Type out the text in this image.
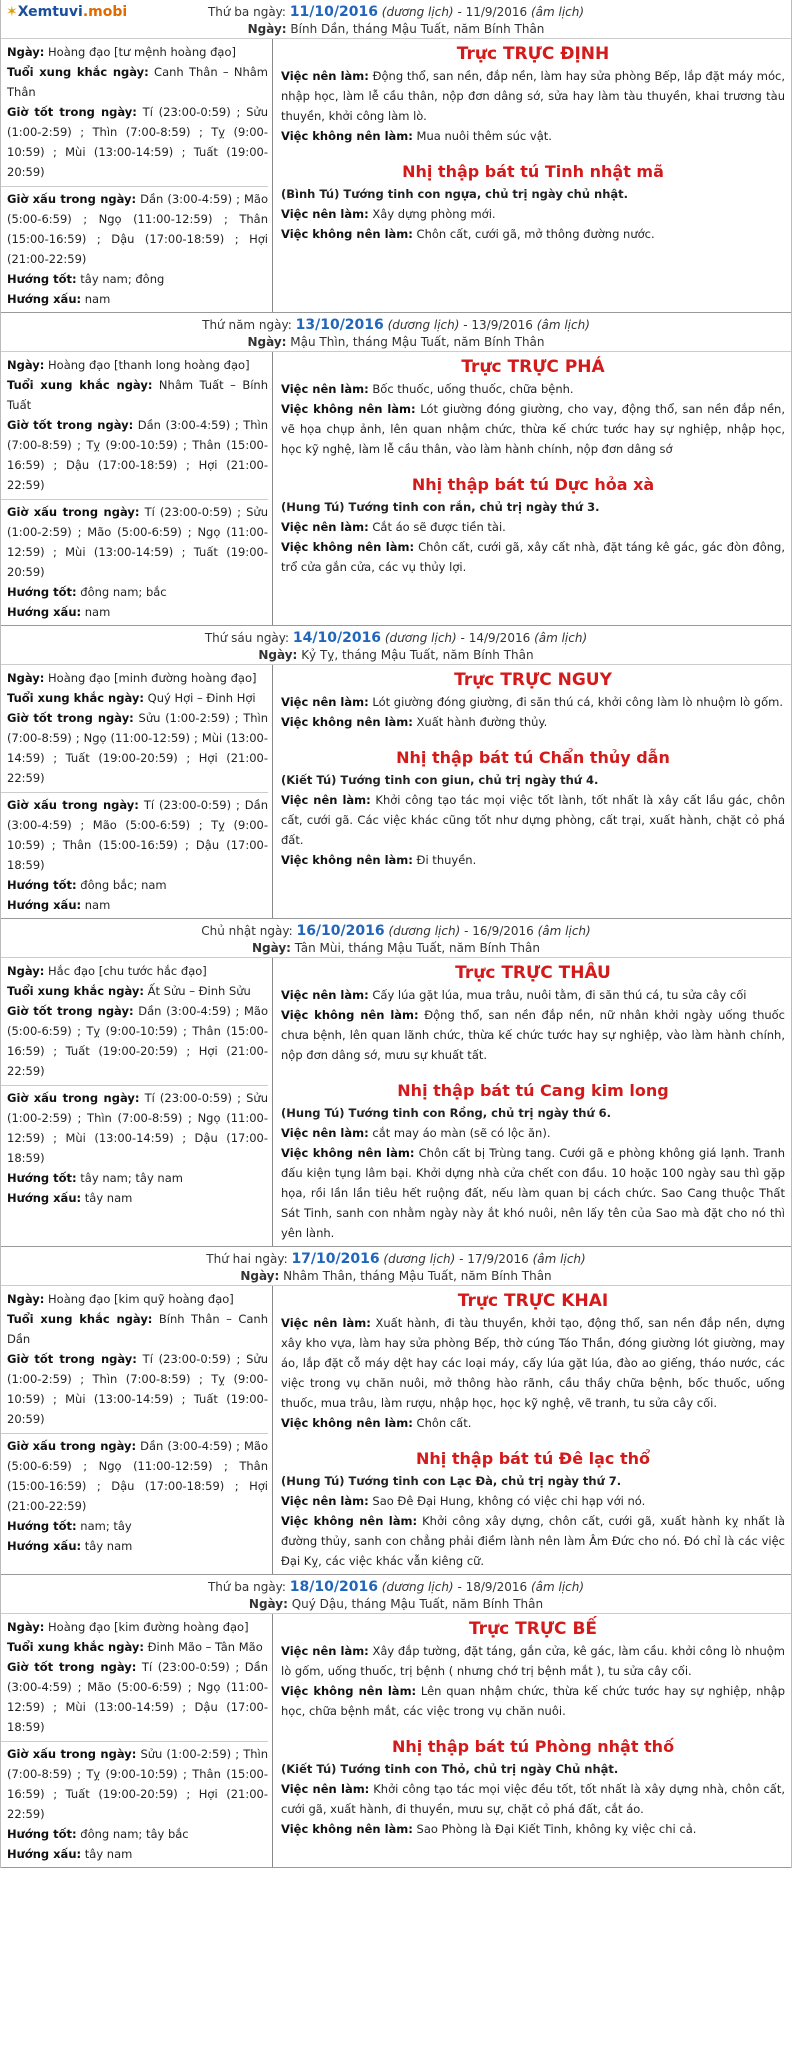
✶Xemtuvi.mobi	Thứ ba ngày: 11/10/2016 (dương lịch) - 11/9/2016 (âm lịch)
Ngày: Bính Dần, tháng Mậu Tuất, năm Bính Thân
Ngày: Hoàng đạo [tư mệnh hoàng đạo]
Tuổi xung khắc ngày: Canh Thân – Nhâm Thân
Giờ tốt trong ngày: Tí (23:00-0:59) ; Sửu (1:00-2:59) ; Thìn (7:00-8:59) ; Tỵ (9:00-10:59) ; Mùi (13:00-14:59) ; Tuất (19:00-20:59)
Giờ xấu trong ngày: Dần (3:00-4:59) ; Mão (5:00-6:59) ; Ngọ (11:00-12:59) ; Thân (15:00-16:59) ; Dậu (17:00-18:59) ; Hợi (21:00-22:59)
Hướng tốt: tây nam; đông
Hướng xấu: nam
Trực TRỰC ĐỊNH
Việc nên làm: Động thổ, san nền, đắp nền, làm hay sửa phòng Bếp, lắp đặt máy móc, nhập học, làm lễ cầu thân, nộp đơn dâng sớ, sửa hay làm tàu thuyền, khai trương tàu thuyền, khởi công làm lò.
Việc không nên làm: Mua nuôi thêm súc vật.
Nhị thập bát tú Tinh nhật mã
(Bình Tú) Tướng tinh con ngựa, chủ trị ngày chủ nhật.
Việc nên làm: Xây dựng phòng mới.
Việc không nên làm: Chôn cất, cưới gã, mở thông đường nước.
Thứ năm ngày: 13/10/2016 (dương lịch) - 13/9/2016 (âm lịch)
Ngày: Mậu Thìn, tháng Mậu Tuất, năm Bính Thân
Ngày: Hoàng đạo [thanh long hoàng đạo]
Tuổi xung khắc ngày: Nhâm Tuất – Bính Tuất
Giờ tốt trong ngày: Dần (3:00-4:59) ; Thìn (7:00-8:59) ; Tỵ (9:00-10:59) ; Thân (15:00-16:59) ; Dậu (17:00-18:59) ; Hợi (21:00-22:59)
Giờ xấu trong ngày: Tí (23:00-0:59) ; Sửu (1:00-2:59) ; Mão (5:00-6:59) ; Ngọ (11:00-12:59) ; Mùi (13:00-14:59) ; Tuất (19:00-20:59)
Hướng tốt: đông nam; bắc
Hướng xấu: nam
Trực TRỰC PHÁ
Việc nên làm: Bốc thuốc, uống thuốc, chữa bệnh.
Việc không nên làm: Lót giường đóng giường, cho vay, động thổ, san nền đắp nền, vẽ họa chụp ảnh, lên quan nhậm chức, thừa kế chức tước hay sự nghiệp, nhập học, học kỹ nghệ, làm lễ cầu thân, vào làm hành chính, nộp đơn dâng sớ
Nhị thập bát tú Dực hỏa xà
(Hung Tú) Tướng tinh con rắn, chủ trị ngày thứ 3.
Việc nên làm: Cắt áo sẽ được tiền tài.
Việc không nên làm: Chôn cất, cưới gã, xây cất nhà, đặt táng kê gác, gác đòn đông, trổ cửa gắn cửa, các vụ thủy lợi.
Thứ sáu ngày: 14/10/2016 (dương lịch) - 14/9/2016 (âm lịch)
Ngày: Kỷ Tỵ, tháng Mậu Tuất, năm Bính Thân
Ngày: Hoàng đạo [minh đường hoàng đạo]
Tuổi xung khắc ngày: Quý Hợi – Đinh Hợi
Giờ tốt trong ngày: Sửu (1:00-2:59) ; Thìn (7:00-8:59) ; Ngọ (11:00-12:59) ; Mùi (13:00-14:59) ; Tuất (19:00-20:59) ; Hợi (21:00-22:59)
Giờ xấu trong ngày: Tí (23:00-0:59) ; Dần (3:00-4:59) ; Mão (5:00-6:59) ; Tỵ (9:00-10:59) ; Thân (15:00-16:59) ; Dậu (17:00-18:59)
Hướng tốt: đông bắc; nam
Hướng xấu: nam
Trực TRỰC NGUY
Việc nên làm: Lót giường đóng giường, đi săn thú cá, khởi công làm lò nhuộm lò gốm.
Việc không nên làm: Xuất hành đường thủy.
Nhị thập bát tú Chẩn thủy dẫn
(Kiết Tú) Tướng tinh con giun, chủ trị ngày thứ 4.
Việc nên làm: Khởi công tạo tác mọi việc tốt lành, tốt nhất là xây cất lầu gác, chôn cất, cưới gã. Các việc khác cũng tốt như dựng phòng, cất trại, xuất hành, chặt cỏ phá đất.
Việc không nên làm: Đi thuyền.
Chủ nhật ngày: 16/10/2016 (dương lịch) - 16/9/2016 (âm lịch)
Ngày: Tân Mùi, tháng Mậu Tuất, năm Bính Thân
Ngày: Hắc đạo [chu tước hắc đạo]
Tuổi xung khắc ngày: Ất Sửu – Đinh Sửu
Giờ tốt trong ngày: Dần (3:00-4:59) ; Mão (5:00-6:59) ; Tỵ (9:00-10:59) ; Thân (15:00-16:59) ; Tuất (19:00-20:59) ; Hợi (21:00-22:59)
Giờ xấu trong ngày: Tí (23:00-0:59) ; Sửu (1:00-2:59) ; Thìn (7:00-8:59) ; Ngọ (11:00-12:59) ; Mùi (13:00-14:59) ; Dậu (17:00-18:59)
Hướng tốt: tây nam; tây nam
Hướng xấu: tây nam
Trực TRỰC THÂU
Việc nên làm: Cấy lúa gặt lúa, mua trâu, nuôi tằm, đi săn thú cá, tu sửa cây cối
Việc không nên làm: Động thổ, san nền đắp nền, nữ nhân khởi ngày uống thuốc chưa bệnh, lên quan lãnh chức, thừa kế chức tước hay sự nghiệp, vào làm hành chính, nộp đơn dâng sớ, mưu sự khuất tất.
Nhị thập bát tú Cang kim long
(Hung Tú) Tướng tinh con Rồng, chủ trị ngày thứ 6.
Việc nên làm: cắt may áo màn (sẽ có lộc ăn).
Việc không nên làm: Chôn cất bị Trùng tang. Cưới gã e phòng không giá lạnh. Tranh đấu kiện tụng lâm bại. Khởi dựng nhà cửa chết con đầu. 10 hoặc 100 ngày sau thì gặp họa, rồi lần lần tiêu hết ruộng đất, nếu làm quan bị cách chức. Sao Cang thuộc Thất Sát Tinh, sanh con nhằm ngày này ắt khó nuôi, nên lấy tên của Sao mà đặt cho nó thì yên lành.
Thứ hai ngày: 17/10/2016 (dương lịch) - 17/9/2016 (âm lịch)
Ngày: Nhâm Thân, tháng Mậu Tuất, năm Bính Thân
Ngày: Hoàng đạo [kim quỹ hoàng đạo]
Tuổi xung khắc ngày: Bính Thân – Canh Dần
Giờ tốt trong ngày: Tí (23:00-0:59) ; Sửu (1:00-2:59) ; Thìn (7:00-8:59) ; Tỵ (9:00-10:59) ; Mùi (13:00-14:59) ; Tuất (19:00-20:59)
Giờ xấu trong ngày: Dần (3:00-4:59) ; Mão (5:00-6:59) ; Ngọ (11:00-12:59) ; Thân (15:00-16:59) ; Dậu (17:00-18:59) ; Hợi (21:00-22:59)
Hướng tốt: nam; tây
Hướng xấu: tây nam
Trực TRỰC KHAI
Việc nên làm: Xuất hành, đi tàu thuyền, khởi tạo, động thổ, san nền đắp nền, dựng xây kho vựa, làm hay sửa phòng Bếp, thờ cúng Táo Thần, đóng giường lót giường, may áo, lắp đặt cỗ máy dệt hay các loại máy, cấy lúa gặt lúa, đào ao giếng, tháo nước, các việc trong vụ chăn nuôi, mở thông hào rãnh, cầu thầy chữa bệnh, bốc thuốc, uống thuốc, mua trâu, làm rượu, nhập học, học kỹ nghệ, vẽ tranh, tu sửa cây cối.
Việc không nên làm: Chôn cất.
Nhị thập bát tú Đê lạc thổ
(Hung Tú) Tướng tinh con Lạc Đà, chủ trị ngày thứ 7.
Việc nên làm: Sao Đê Đại Hung, không có việc chi hạp với nó.
Việc không nên làm: Khởi công xây dựng, chôn cất, cưới gã, xuất hành kỵ nhất là đường thủy, sanh con chẳng phải điềm lành nên làm Âm Đức cho nó. Đó chỉ là các việc Đại Kỵ, các việc khác vẫn kiêng cữ.
Thứ ba ngày: 18/10/2016 (dương lịch) - 18/9/2016 (âm lịch)
Ngày: Quý Dậu, tháng Mậu Tuất, năm Bính Thân
Ngày: Hoàng đạo [kim đường hoàng đạo]
Tuổi xung khắc ngày: Đinh Mão – Tân Mão
Giờ tốt trong ngày: Tí (23:00-0:59) ; Dần (3:00-4:59) ; Mão (5:00-6:59) ; Ngọ (11:00-12:59) ; Mùi (13:00-14:59) ; Dậu (17:00-18:59)
Giờ xấu trong ngày: Sửu (1:00-2:59) ; Thìn (7:00-8:59) ; Tỵ (9:00-10:59) ; Thân (15:00-16:59) ; Tuất (19:00-20:59) ; Hợi (21:00-22:59)
Hướng tốt: đông nam; tây bắc
Hướng xấu: tây nam
Trực TRỰC BẾ
Việc nên làm: Xây đắp tường, đặt táng, gắn cửa, kê gác, làm cầu. khởi công lò nhuộm lò gốm, uống thuốc, trị bệnh ( nhưng chớ trị bệnh mắt ), tu sửa cây cối.
Việc không nên làm: Lên quan nhậm chức, thừa kế chức tước hay sự nghiệp, nhập học, chữa bệnh mắt, các việc trong vụ chăn nuôi.
Nhị thập bát tú Phòng nhật thố
(Kiết Tú) Tướng tinh con Thỏ, chủ trị ngày Chủ nhật.
Việc nên làm: Khởi công tạo tác mọi việc đều tốt, tốt nhất là xây dựng nhà, chôn cất, cưới gã, xuất hành, đi thuyền, mưu sự, chặt cỏ phá đất, cắt áo.
Việc không nên làm: Sao Phòng là Đại Kiết Tinh, không kỵ việc chi cả.
